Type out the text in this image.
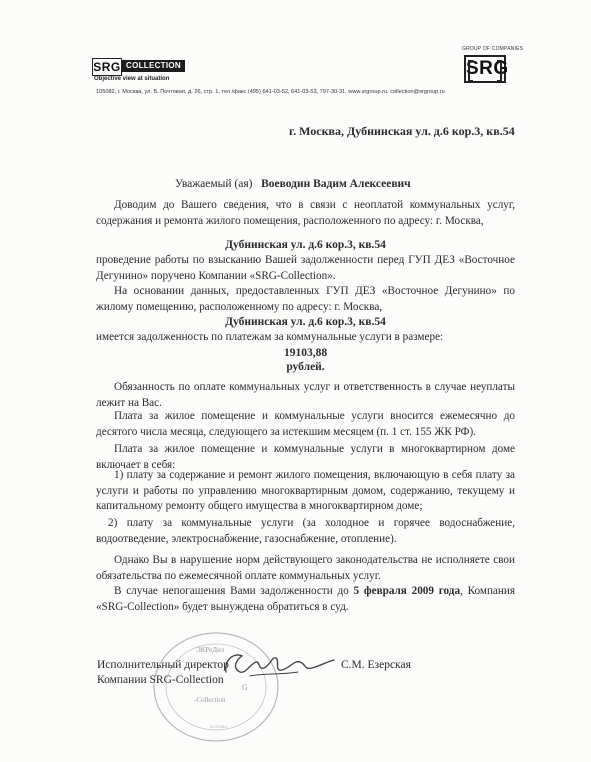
SRG COLLECTION
Objective view at situation
GROUP OF COMPANIES
SRG
105082, г. Москва, ул. Б. Почтовая, д. 26, стр. 1, тел./факс (495) 641-03-52, 641-03-53, 797-30-31, www.srgroup.ru, collection@srgroup.ru
г. Москва, Дубнинская ул. д.6 кор.3, кв.54
Уважаемый (ая) Воеводин Вадим Алексеевич
Доводим до Вашего сведения, что в связи с неоплатой коммунальных услуг, содержания и ремонта жилого помещения, расположенного по адресу: г. Москва,
Дубнинская ул. д.6 кор.3, кв.54
проведение работы по взысканию Вашей задолженности перед ГУП ДЕЗ «Восточное Дегунино» поручено Компании «SRG-Collection».
На основании данных, предоставленных ГУП ДЕЗ «Восточное Дегунино» по жилому помещению, расположенному по адресу: г. Москва,
Дубнинская ул. д.6 кор.3, кв.54
имеется задолженность по платежам за коммунальные услуги в размере:
19103,88
рублей.
Обязанность по оплате коммунальных услуг и ответственность в случае неуплаты лежит на Вас.
Плата за жилое помещение и коммунальные услуги вносится ежемесячно до десятого числа месяца, следующего за истекшим месяцем (п. 1 ст. 155 ЖК РФ).
Плата за жилое помещение и коммунальные услуги в многоквартирном доме включает в себя:
1) плату за содержание и ремонт жилого помещения, включающую в себя плату за услуги и работы по управлению многоквартирным домом, содержанию, текущему и капитальному ремонту общего имущества в многоквартирном доме;
2) плату за коммунальные услуги (за холодное и горячее водоснабжение, водоотведение, электроснабжение, газоснабжение, отопление).
Однако Вы в нарушение норм действующего законодательства не исполняете свои обязательства по ежемесячной оплате коммунальных услуг.
В случае непогашения Вами задолженности до 5 февраля 2009 года, Компания «SRG-Collection» будет вынуждена обратиться в суд.
ЭКРеДил
G
-Collection
МОСКВА
Исполнительный директор
Компании SRG-Collection
С.М. Езерская
